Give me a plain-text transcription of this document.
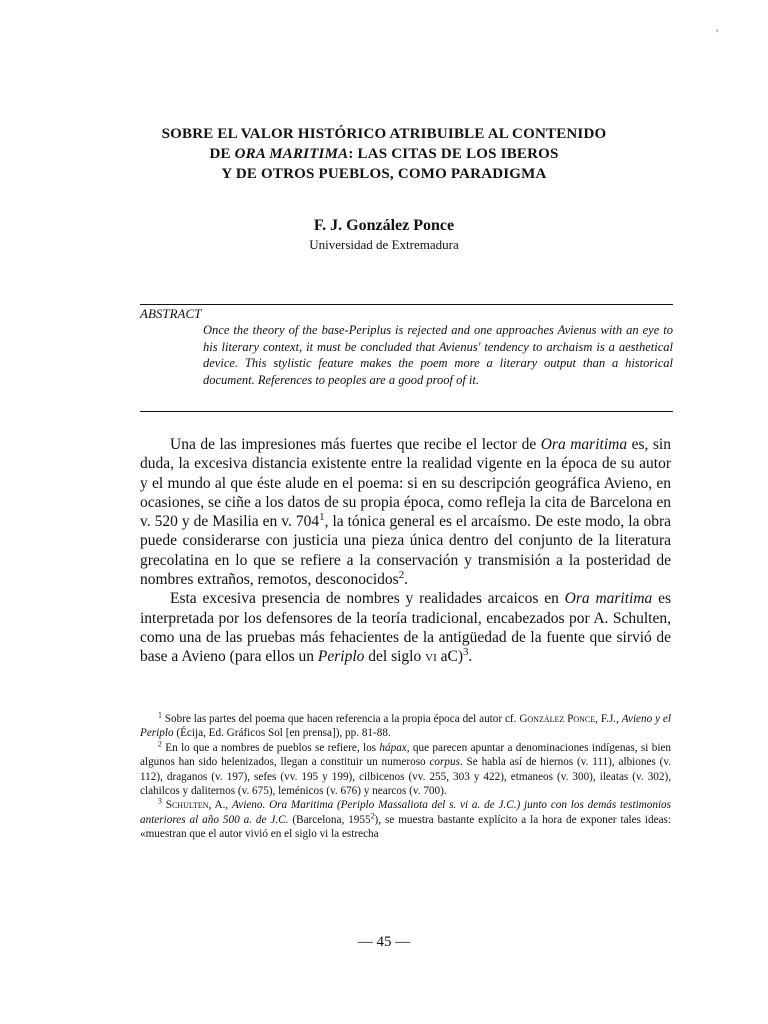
'
SOBRE EL VALOR HISTÓRICO ATRIBUIBLE AL CONTENIDO
DE ORA MARITIMA: LAS CITAS DE LOS IBEROS
Y DE OTROS PUEBLOS, COMO PARADIGMA
F. J. González Ponce
Universidad de Extremadura
ABSTRACT
Once the theory of the base-Periplus is rejected and one approaches Avienus with an eye to his literary context, it must be concluded that Avienus' tendency to archaism is a aesthetical device. This stylistic feature makes the poem more a literary output than a historical document. References to peoples are a good proof of it.

Una de las impresiones más fuertes que recibe el lector de Ora maritima es, sin duda, la excesiva distancia existente entre la realidad vigente en la época de su autor y el mundo al que éste alude en el poema: si en su descripción geográfica Avieno, en ocasiones, se ciñe a los datos de su propia época, como refleja la cita de Barcelona en v. 520 y de Masilia en v. $704^1$, la tónica general es el arcaísmo. De este modo, la obra puede considerarse con justicia una pieza única dentro del conjunto de la literatura grecolatina en lo que se refiere a la conservación y transmisión a la posteridad de nombres extraños, remotos, desconocidos$^2$.

Esta excesiva presencia de nombres y realidades arcaicos en Ora maritima es interpretada por los defensores de la teoría tradicional, encabezados por A. Schulten, como una de las pruebas más fehacientes de la antigüedad de la fuente que sirvió de base a Avieno (para ellos un Periplo del siglo vi aC)$^3$.

$^1$ Sobre las partes del poema que hacen referencia a la propia época del autor cf. González Ponce, F.J., Avieno y el Periplo (Écija, Ed. Gráficos Sol [en prensa]), pp. 81-88.

$^2$ En lo que a nombres de pueblos se refiere, los hápax, que parecen apuntar a denominaciones indígenas, si bien algunos han sido helenizados, llegan a constituir un numeroso corpus. Se habla así de hiernos (v. 111), albiones (v. 112), draganos (v. 197), sefes (vv. 195 y 199), cilbicenos (vv. 255, 303 y 422), etmaneos (v. 300), ileatas (v. 302), clahilcos y daliternos (v. 675), leménicos (v. 676) y nearcos (v. 700).

$^3$ Schulten, A., Avieno. Ora Maritima (Periplo Massaliota del s. vi a. de J.C.) junto con los demás testimonios anteriores al año 500 a. de J.C. (Barcelona, 1955$^2$), se muestra bastante explícito a la hora de exponer tales ideas: «muestran que el autor vivió en el siglo vi la estrecha

— 45 —
